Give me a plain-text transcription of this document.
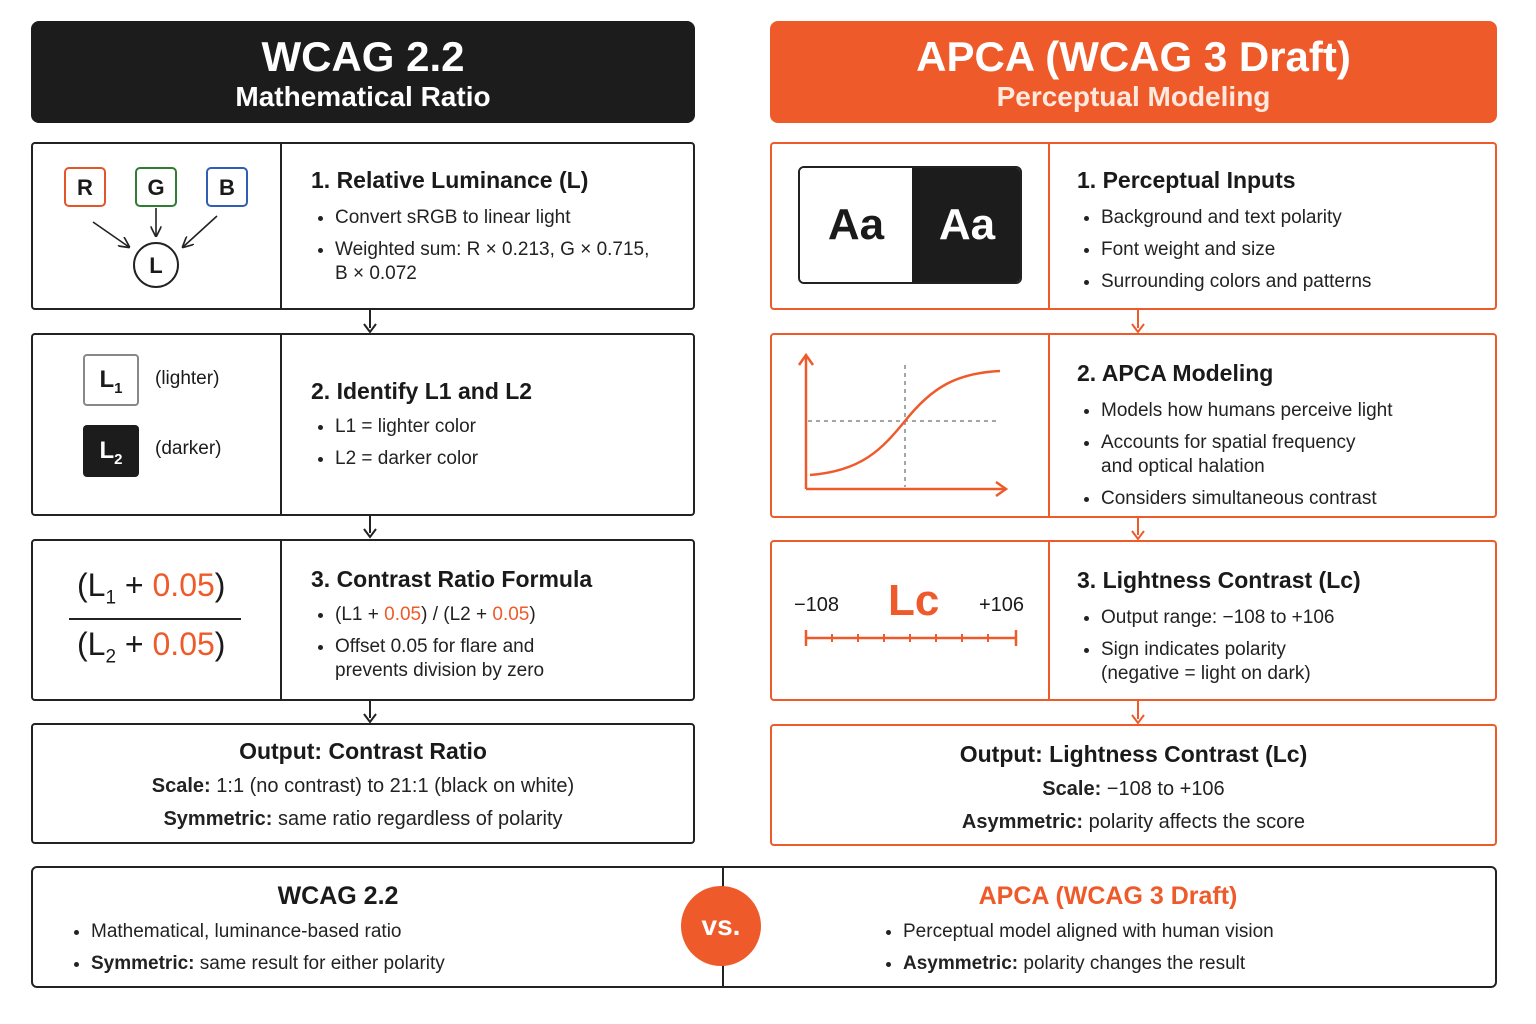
WCAG 2.2
Mathematical Ratio
APCA (WCAG 3 Draft)
Perceptual Modeling
R G B
L
1. Relative Luminance (L)
• Convert sRGB to linear light
• Weighted sum: R × 0.213, G × 0.715, B × 0.072
$L_1$	(lighter)
$L_2$
(darker)
2. Identify L1 and L2
• L1 = lighter color
• L2 = darker color
$(L_1 + 0.05)$
$(L_2 + 0.05)$
3. Contrast Ratio Formula
• (L1 + 0.05) / (L2 + 0.05)
• Offset 0.05 for flare and prevents division by zero
Output: Contrast Ratio
Scale: 1:1 (no contrast) to 21:1 (black on white)
Symmetric: same ratio regardless of polarity
Aa	Aa
1. Perceptual Inputs
• Background and text polarity
• Font weight and size
• Surrounding colors and patterns
2. APCA Modeling
• Models how humans perceive light
• Accounts for spatial frequency and optical halation
• Considers simultaneous contrast
−108 Lc +106
3. Lightness Contrast (Lc)
• Output range: −108 to +106
• Sign indicates polarity (negative = light on dark)
Output: Lightness Contrast (Lc)
Scale: −108 to +106
Asymmetric: polarity affects the score
WCAG 2.2
• Mathematical, luminance-based ratio
• Symmetric: same result for either polarity
APCA (WCAG 3 Draft)
• Perceptual model aligned with human vision
• Asymmetric: polarity changes the result
vs.
